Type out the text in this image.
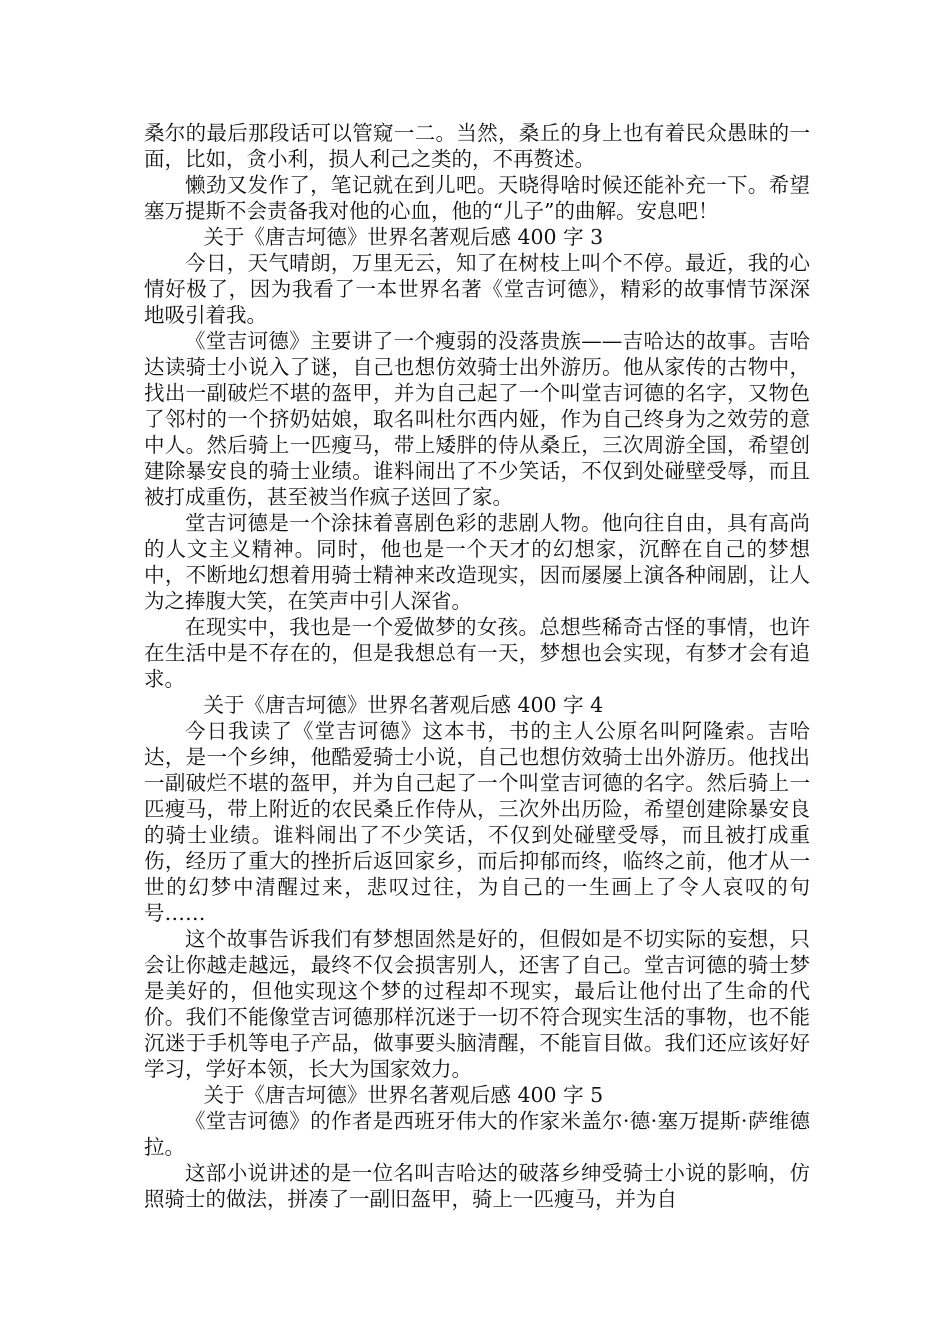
桑尔的最后那段话可以管窥一二。当然，桑丘的身上也有着民众愚昧的一面，比如，贪小利，损人利己之类的，不再赘述。

懒劲又发作了，笔记就在到儿吧。天晓得啥时候还能补充一下。希望塞万提斯不会责备我对他的心血，他的“儿子”的曲解。安息吧！

关于《唐吉坷德》世界名著观后感 400 字 3

今日，天气晴朗，万里无云，知了在树枝上叫个不停。最近，我的心情好极了，因为我看了一本世界名著《堂吉诃德》，精彩的故事情节深深地吸引着我。

《堂吉诃德》主要讲了一个瘦弱的没落贵族——吉哈达的故事。吉哈达读骑士小说入了谜，自己也想仿效骑士出外游历。他从家传的古物中，找出一副破烂不堪的盔甲，并为自己起了一个叫堂吉诃德的名字，又物色了邻村的一个挤奶姑娘，取名叫杜尔西内娅，作为自己终身为之效劳的意中人。然后骑上一匹瘦马，带上矮胖的侍从桑丘，三次周游全国，希望创建除暴安良的骑士业绩。谁料闹出了不少笑话，不仅到处碰壁受辱，而且被打成重伤，甚至被当作疯子送回了家。

堂吉诃德是一个涂抹着喜剧色彩的悲剧人物。他向往自由，具有高尚的人文主义精神。同时，他也是一个天才的幻想家，沉醉在自己的梦想中，不断地幻想着用骑士精神来改造现实，因而屡屡上演各种闹剧，让人为之捧腹大笑，在笑声中引人深省。

在现实中，我也是一个爱做梦的女孩。总想些稀奇古怪的事情，也许在生活中是不存在的，但是我想总有一天，梦想也会实现，有梦才会有追求。

关于《唐吉坷德》世界名著观后感 400 字 4

今日我读了《堂吉诃德》这本书，书的主人公原名叫阿隆索。吉哈达，是一个乡绅，他酷爱骑士小说，自己也想仿效骑士出外游历。他找出一副破烂不堪的盔甲，并为自己起了一个叫堂吉诃德的名字。然后骑上一匹瘦马，带上附近的农民桑丘作侍从，三次外出历险，希望创建除暴安良的骑士业绩。谁料闹出了不少笑话，不仅到处碰壁受辱，而且被打成重伤，经历了重大的挫折后返回家乡，而后抑郁而终，临终之前，他才从一世的幻梦中清醒过来，悲叹过往，为自己的一生画上了令人哀叹的句号……

这个故事告诉我们有梦想固然是好的，但假如是不切实际的妄想，只会让你越走越远，最终不仅会损害别人，还害了自己。堂吉诃德的骑士梦是美好的，但他实现这个梦的过程却不现实，最后让他付出了生命的代价。我们不能像堂吉诃德那样沉迷于一切不符合现实生活的事物，也不能沉迷于手机等电子产品，做事要头脑清醒，不能盲目做。我们还应该好好学习，学好本领，长大为国家效力。

关于《唐吉坷德》世界名著观后感 400 字 5

《堂吉诃德》的作者是西班牙伟大的作家米盖尔·德·塞万提斯·萨维德拉。

这部小说讲述的是一位名叫吉哈达的破落乡绅受骑士小说的影响，仿照骑士的做法，拼凑了一副旧盔甲，骑上一匹瘦马，并为自
